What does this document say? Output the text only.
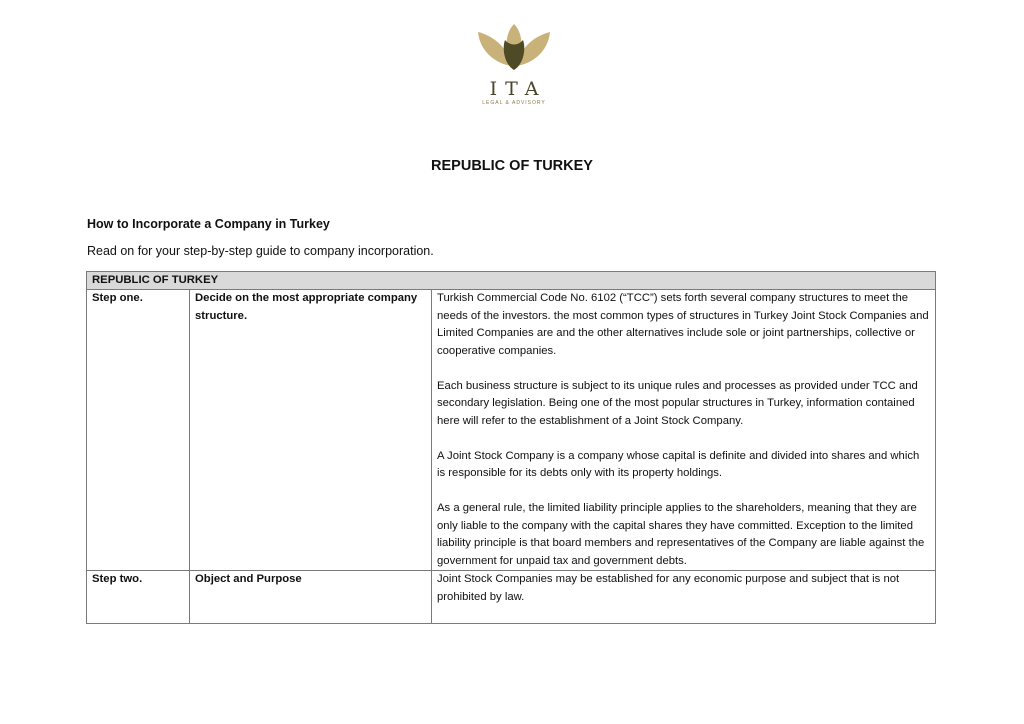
ITA
LEGAL & ADVISORY
REPUBLIC OF TURKEY
How to Incorporate a Company in Turkey
Read on for your step-by-step guide to company incorporation.
REPUBLIC OF TURKEY		
Step one.	Decide on the most appropriate company structure.	Turkish Commercial Code No. 6102 (“TCC”) sets forth several company structures to meet the needs of the investors. the most common types of structures in Turkey Joint Stock Companies and Limited Companies are and the other alternatives include sole or joint partnerships, collective or cooperative companies.

Each business structure is subject to its unique rules and processes as provided under TCC and secondary legislation. Being one of the most popular structures in Turkey, information contained here will refer to the establishment of a Joint Stock Company.

A Joint Stock Company is a company whose capital is definite and divided into shares and which is responsible for its debts only with its property holdings.

As a general rule, the limited liability principle applies to the shareholders, meaning that they are only liable to the company with the capital shares they have committed. Exception to the limited liability principle is that board members and representatives of the Company are liable against the government for unpaid tax and government debts.

Step two.	Object and Purpose	Joint Stock Companies may be established for any economic purpose and subject that is not prohibited by law.
